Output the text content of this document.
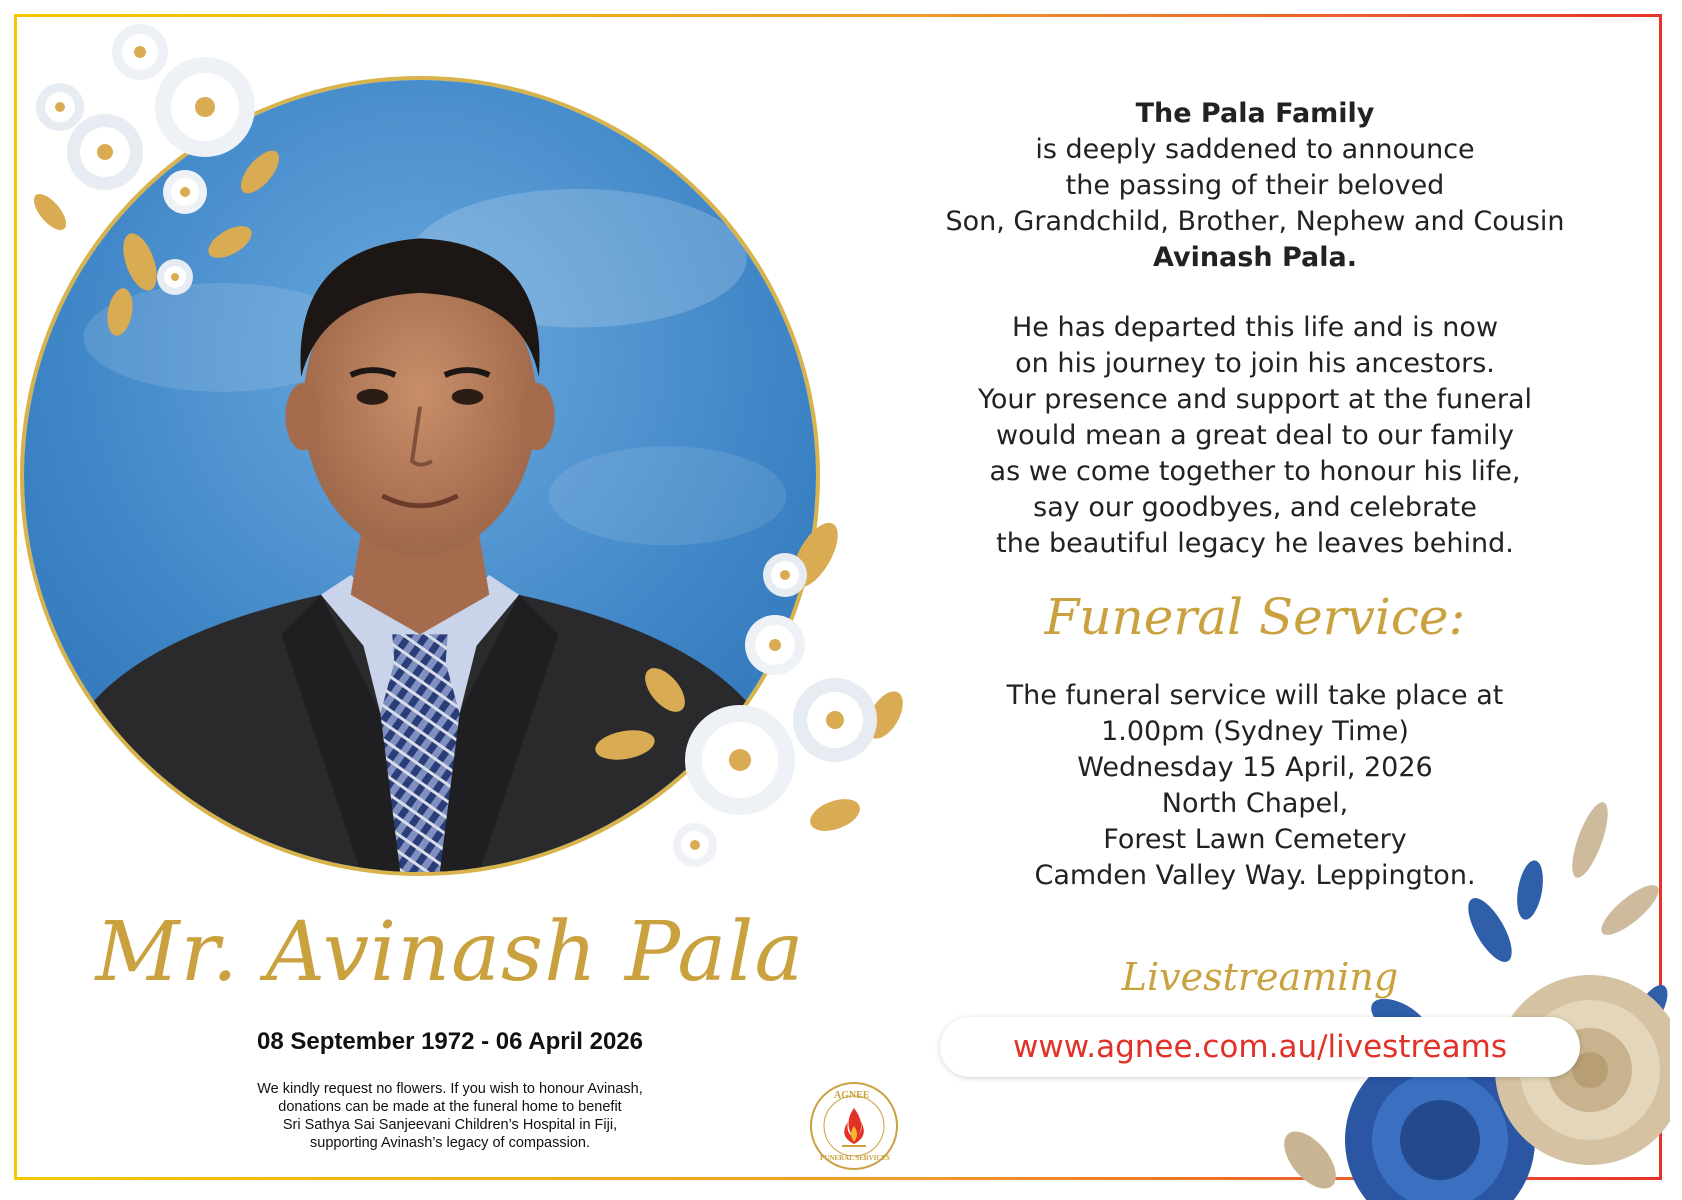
Mr. Avinash Pala
08 September 1972 - 06 April 2026
We kindly request no flowers. If you wish to honour Avinash,
donations can be made at the funeral home to benefit
Sri Sathya Sai Sanjeevani Children’s Hospital in Fiji,
supporting Avinash’s legacy of compassion.
AGNEE
FUNERAL SERVICES
The Pala Family
is deeply saddened to announce
the passing of their beloved
Son, Grandchild, Brother, Nephew and Cousin
Avinash Pala.
He has departed this life and is now
on his journey to join his ancestors.
Your presence and support at the funeral
would mean a great deal to our family
as we come together to honour his life,
say our goodbyes, and celebrate
the beautiful legacy he leaves behind.
Funeral Service:
The funeral service will take place at
1.00pm (Sydney Time)
Wednesday 15 April, 2026
North Chapel,
Forest Lawn Cemetery
Camden Valley Way. Leppington.
Livestreaming
www.agnee.com.au/livestreams
